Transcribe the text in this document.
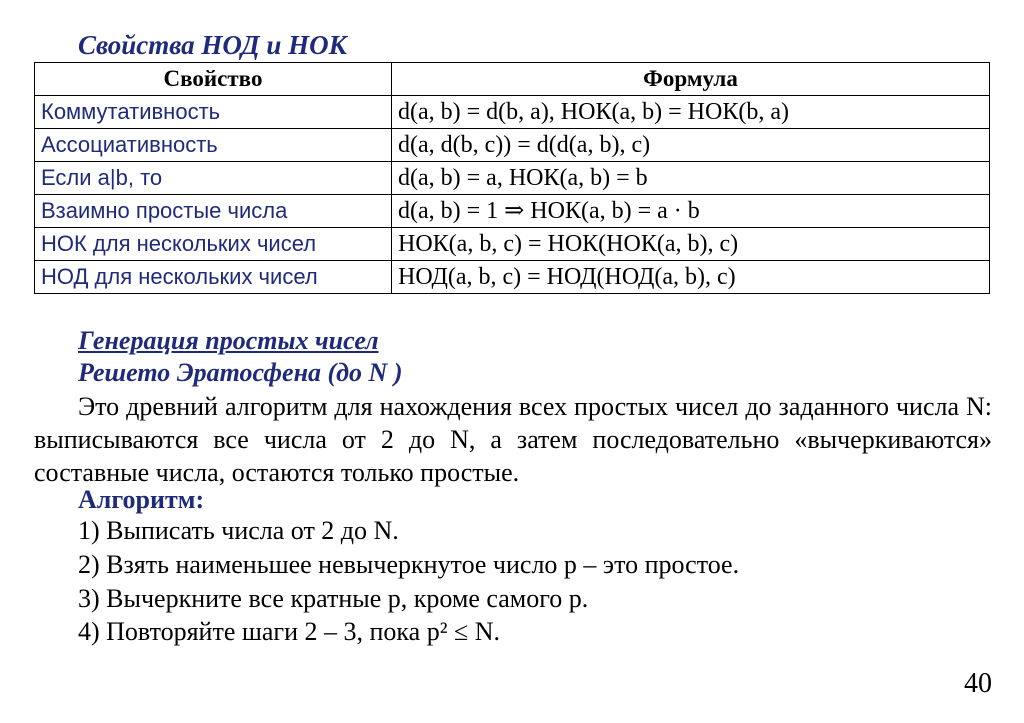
Свойства НОД и НОК
Свойство	Формула
Коммутативность	d(a, b) = d(b, a), НОК(a, b) = НОК(b, a)
Ассоциативность	d(a, d(b, c)) = d(d(a, b), c)
Если a|b, то	d(a, b) = a, НОК(a, b) = b
Взаимно простые числа	d(a, b) = 1 ⇒ НОК(a, b) = a · b
НОК для нескольких чисел	НОК(a, b, c) = НОК(НОК(a, b), c)
НОД для нескольких чисел	НОД(a, b, c) = НОД(НОД(a, b), c)
Генерация простых чисел
Решето Эратосфена (до N )
Это древний алгоритм для нахождения всех простых чисел до заданного числа N: выписываются все числа от 2 до N, а затем последовательно «вычеркиваются» составные числа, остаются только простые.
Алгоритм:
1) Выписать числа от 2 до N.
2) Взять наименьшее невычеркнутое число p – это простое.
3) Вычеркните все кратные p, кроме самого p.
4) Повторяйте шаги 2 – 3, пока p² ≤ N.
40
